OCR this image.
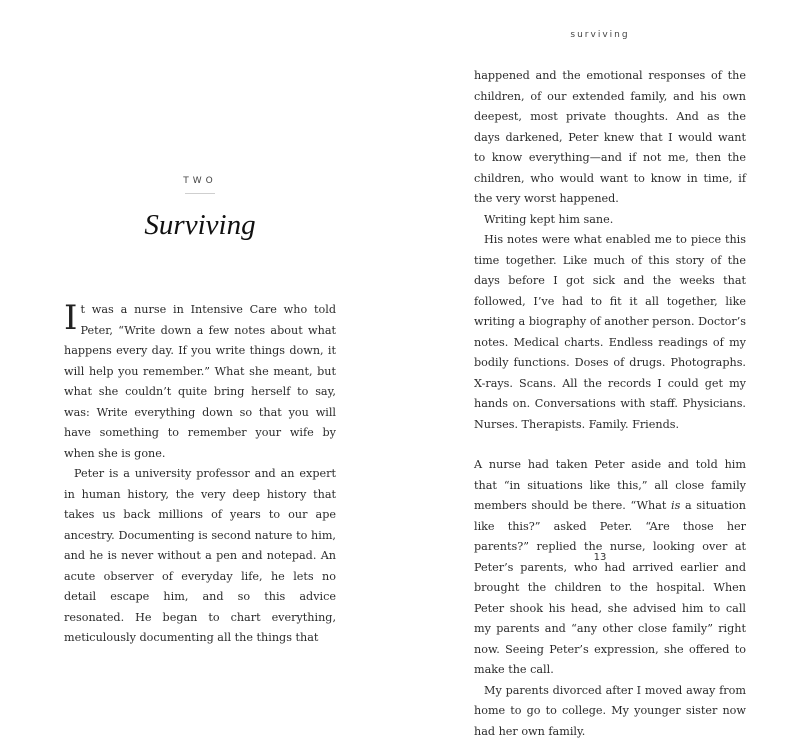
TWO
Surviving

It was a nurse in Intensive Care who told Peter, “Write down a few notes about what happens every day. If you write things down, it will help you remember.” What she meant, but what she couldn’t quite bring herself to say, was: Write everything down so that you will have something to remember your wife by when she is gone.

Peter is a university professor and an expert in human history, the very deep history that takes us back millions of years to our ape ancestry. Documenting is second nature to him, and he is never without a pen and notepad. An acute observer of everyday life, he lets no detail escape him, and so this advice resonated. He began to chart everything, meticulously documenting all the things that

surviving

happened and the emotional responses of the children, of our extended family, and his own deepest, most private thoughts. And as the days darkened, Peter knew that I would want to know everything—and if not me, then the children, who would want to know in time, if the very worst happened.

Writing kept him sane.

His notes were what enabled me to piece this time together. Like much of this story of the days before I got sick and the weeks that followed, I’ve had to fit it all together, like writing a biography of another person. Doctor’s notes. Medical charts. Endless readings of my bodily functions. Doses of drugs. Photographs. X-rays. Scans. All the records I could get my hands on. Conversations with staff. Physicians. Nurses. Therapists. Family. Friends.

A nurse had taken Peter aside and told him that “in situations like this,” all close family members should be there. “What is a situation like this?” asked Peter. “Are those her parents?” replied the nurse, looking over at Peter’s parents, who had arrived earlier and brought the children to the hospital. When Peter shook his head, she advised him to call my parents and “any other close family” right now. Seeing Peter’s expression, she offered to make the call.

My parents divorced after I moved away from home to go to college. My younger sister now had her own family.

13
